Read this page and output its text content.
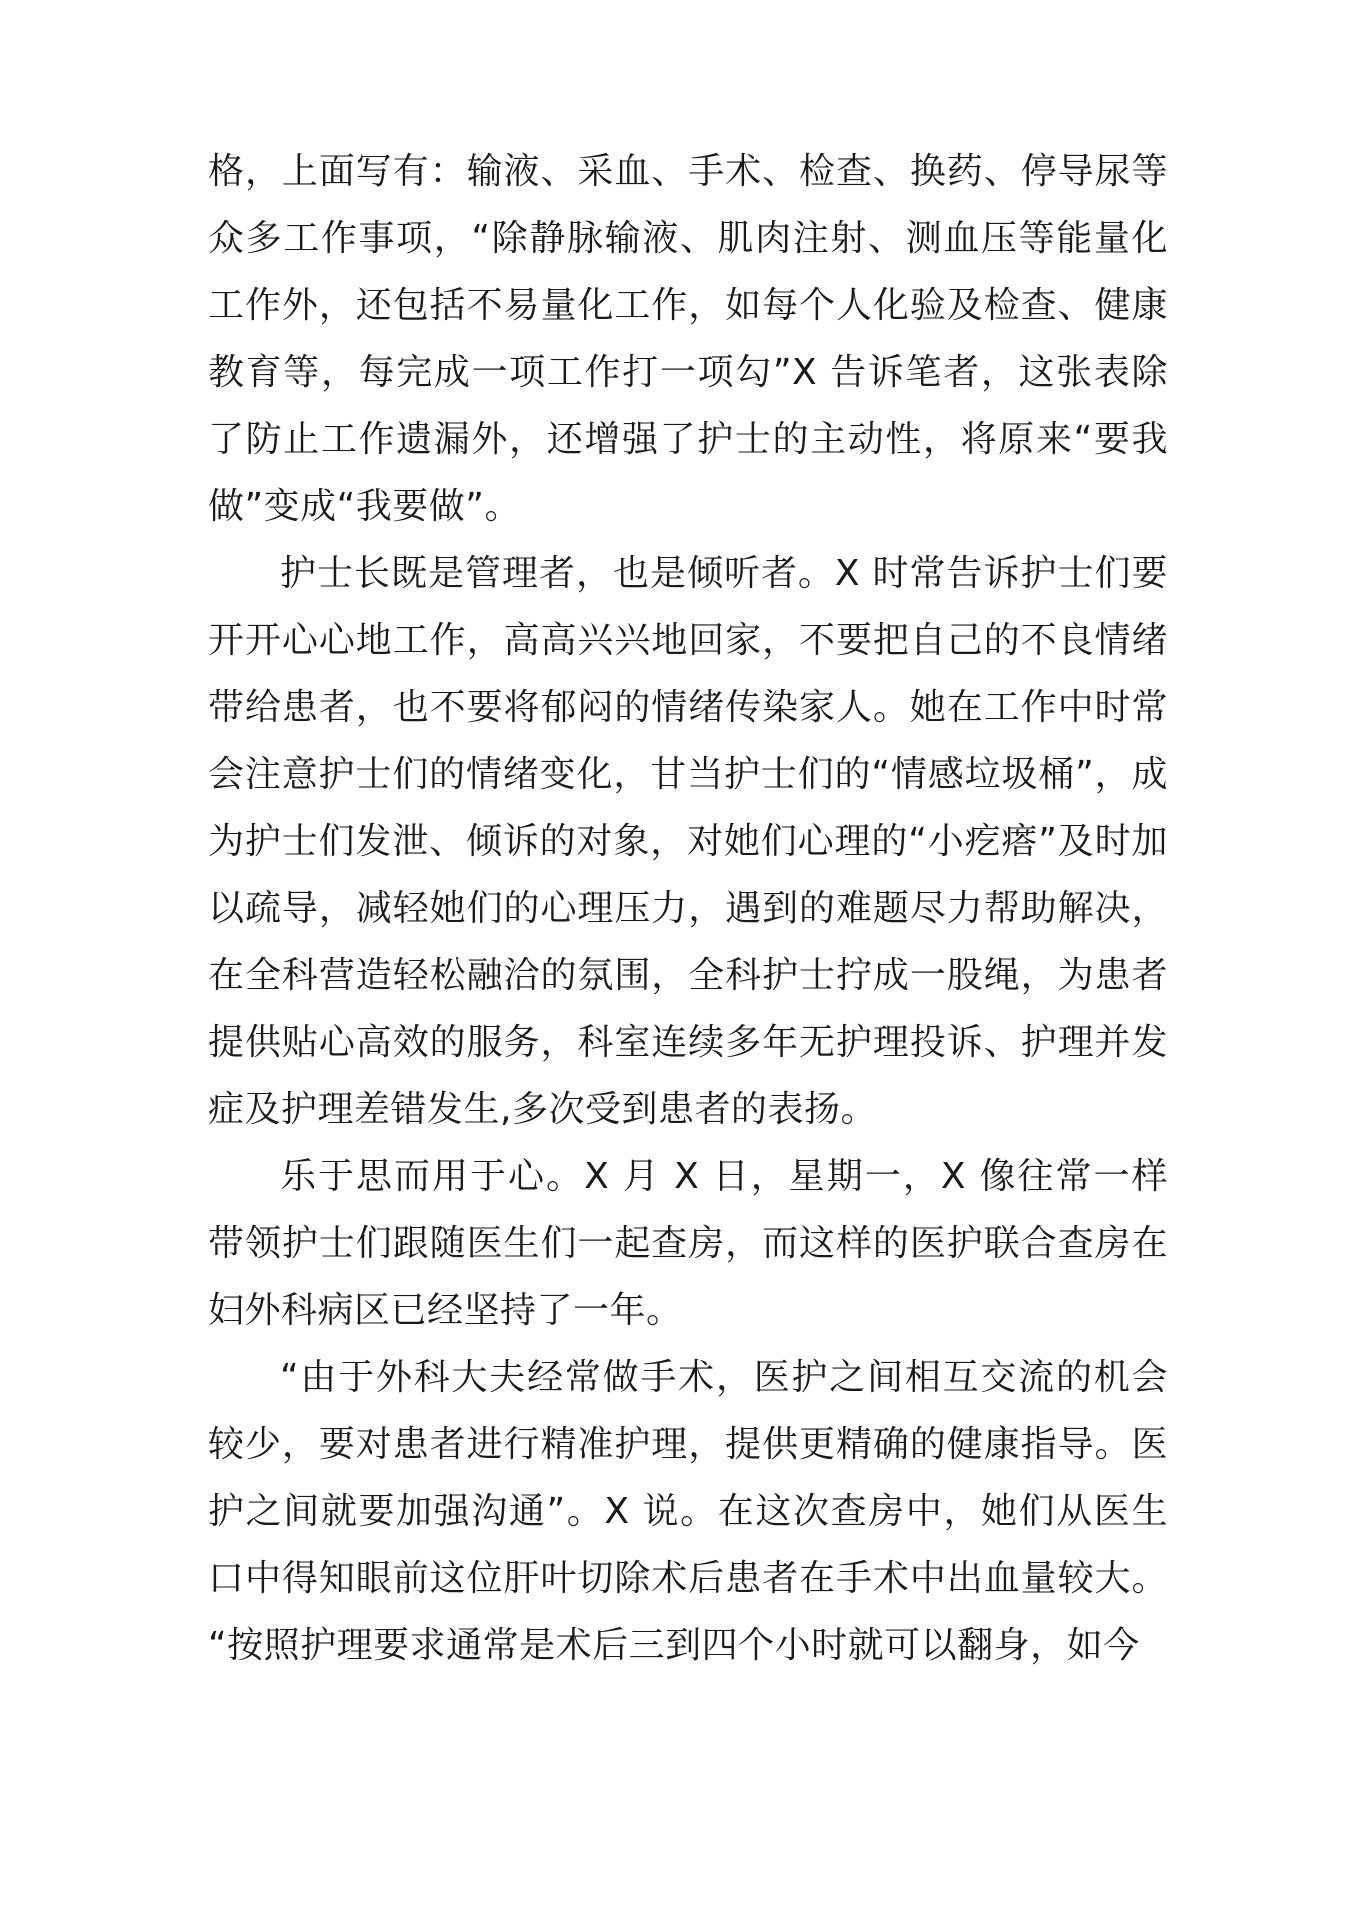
格，上面写有：输液、采血、手术、检查、换药、停导尿等众多工作事项，“除静脉输液、肌肉注射、测血压等能量化工作外，还包括不易量化工作，如每个人化验及检查、健康教育等，每完成一项工作打一项勾”X 告诉笔者，这张表除了防止工作遗漏外，还增强了护士的主动性，将原来“要我做”变成“我要做”。

护士长既是管理者，也是倾听者。X 时常告诉护士们要开开心心地工作，高高兴兴地回家，不要把自己的不良情绪带给患者，也不要将郁闷的情绪传染家人。她在工作中时常会注意护士们的情绪变化，甘当护士们的“情感垃圾桶”，成为护士们发泄、倾诉的对象，对她们心理的“小疙瘩”及时加以疏导，减轻她们的心理压力，遇到的难题尽力帮助解决，在全科营造轻松融洽的氛围，全科护士拧成一股绳，为患者提供贴心高效的服务，科室连续多年无护理投诉、护理并发症及护理差错发生,多次受到患者的表扬。

乐于思而用于心。X 月 X 日，星期一，X 像往常一样带领护士们跟随医生们一起查房，而这样的医护联合查房在妇外科病区已经坚持了一年。

“由于外科大夫经常做手术，医护之间相互交流的机会较少，要对患者进行精准护理，提供更精确的健康指导。医护之间就要加强沟通”。X 说。在这次查房中，她们从医生口中得知眼前这位肝叶切除术后患者在手术中出血量较大。“按照护理要求通常是术后三到四个小时就可以翻身，如今
